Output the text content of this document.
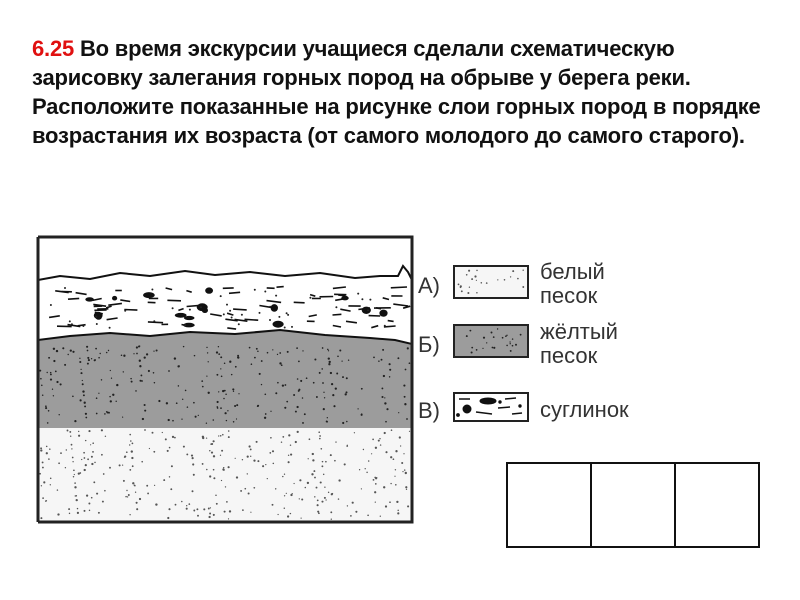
6.25 Во время экскурсии учащиеся сделали схематическую зарисовку залегания горных пород на обрыве у берега реки.

Расположите показанные на рисунке слои горных пород в порядке возрастания их возраста (от самого молодого до самого старого).

А)
белый
песок
Б)
жёлтый
песок
В)	суглинок
